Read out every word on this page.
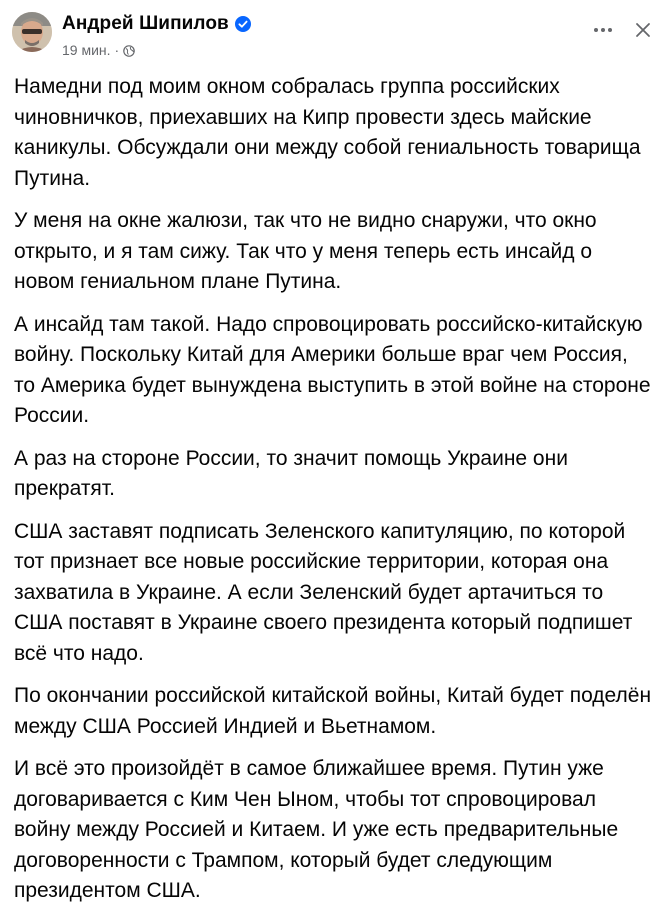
Андрей Шипилов
19 мин. ·

Намедни под моим окном собралась группа российских чиновничков, приехавших на Кипр провести здесь майские каникулы. Обсуждали они между собой гениальность товарища Путина.

У меня на окне жалюзи, так что не видно снаружи, что окно открыто, и я там сижу. Так что у меня теперь есть инсайд о новом гениальном плане Путина.

А инсайд там такой. Надо спровоцировать российско-китайскую войну. Поскольку Китай для Америки больше враг чем Россия, то Америка будет вынуждена выступить в этой войне на стороне России.

А раз на стороне России, то значит помощь Украине они прекратят.

США заставят подписать Зеленского капитуляцию, по которой тот признает все новые российские территории, которая она захватила в Украине. А если Зеленский будет артачиться то США поставят в Украине своего президента который подпишет всё что надо.

По окончании российской китайской войны, Китай будет поделён между США Россией Индией и Вьетнамом.

И всё это произойдёт в самое ближайшее время. Путин уже договаривается с Ким Чен Ыном, чтобы тот спровоцировал войну между Россией и Китаем. И уже есть предварительные договоренности с Трампом, который будет следующим президентом США.
